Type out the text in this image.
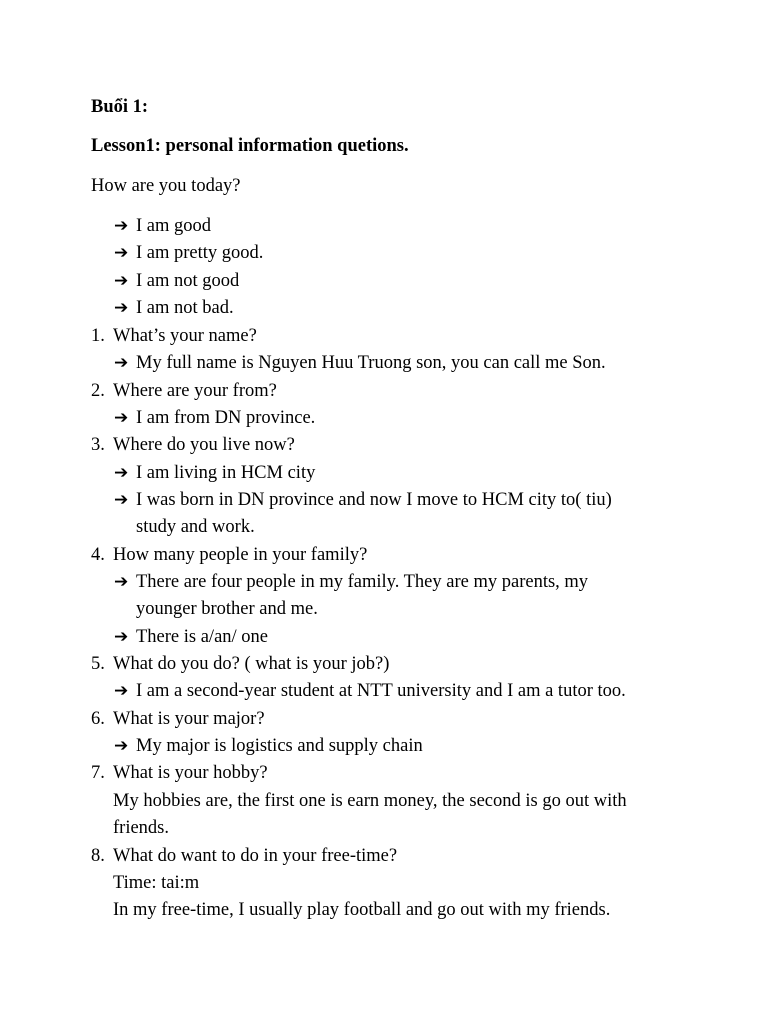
Buổi 1:
Lesson1: personal information quetions.
How are you today?
➔ I am good
➔ I am pretty good.
➔ I am not good
➔ I am not bad.
1. What’s your name?
➔ My full name is Nguyen Huu Truong son, you can call me Son.
2. Where are your from?
➔ I am from DN province.
3. Where do you live now?
➔ I am living in HCM city
➔ I was born in DN province and now I move to HCM city to( tiu)
study and work.
4. How many people in your family?
➔ There are four people in my family. They are my parents, my
younger brother and me.
➔ There is a/an/ one
5. What do you do? ( what is your job?)
➔ I am a second-year student at NTT university and I am a tutor too.
6. What is your major?
➔ My major is logistics and supply chain
7. What is your hobby?
My hobbies are, the first one is earn money, the second is go out with
friends.
8. What do want to do in your free-time?
Time: tai:m
In my free-time, I usually play football and go out with my friends.
